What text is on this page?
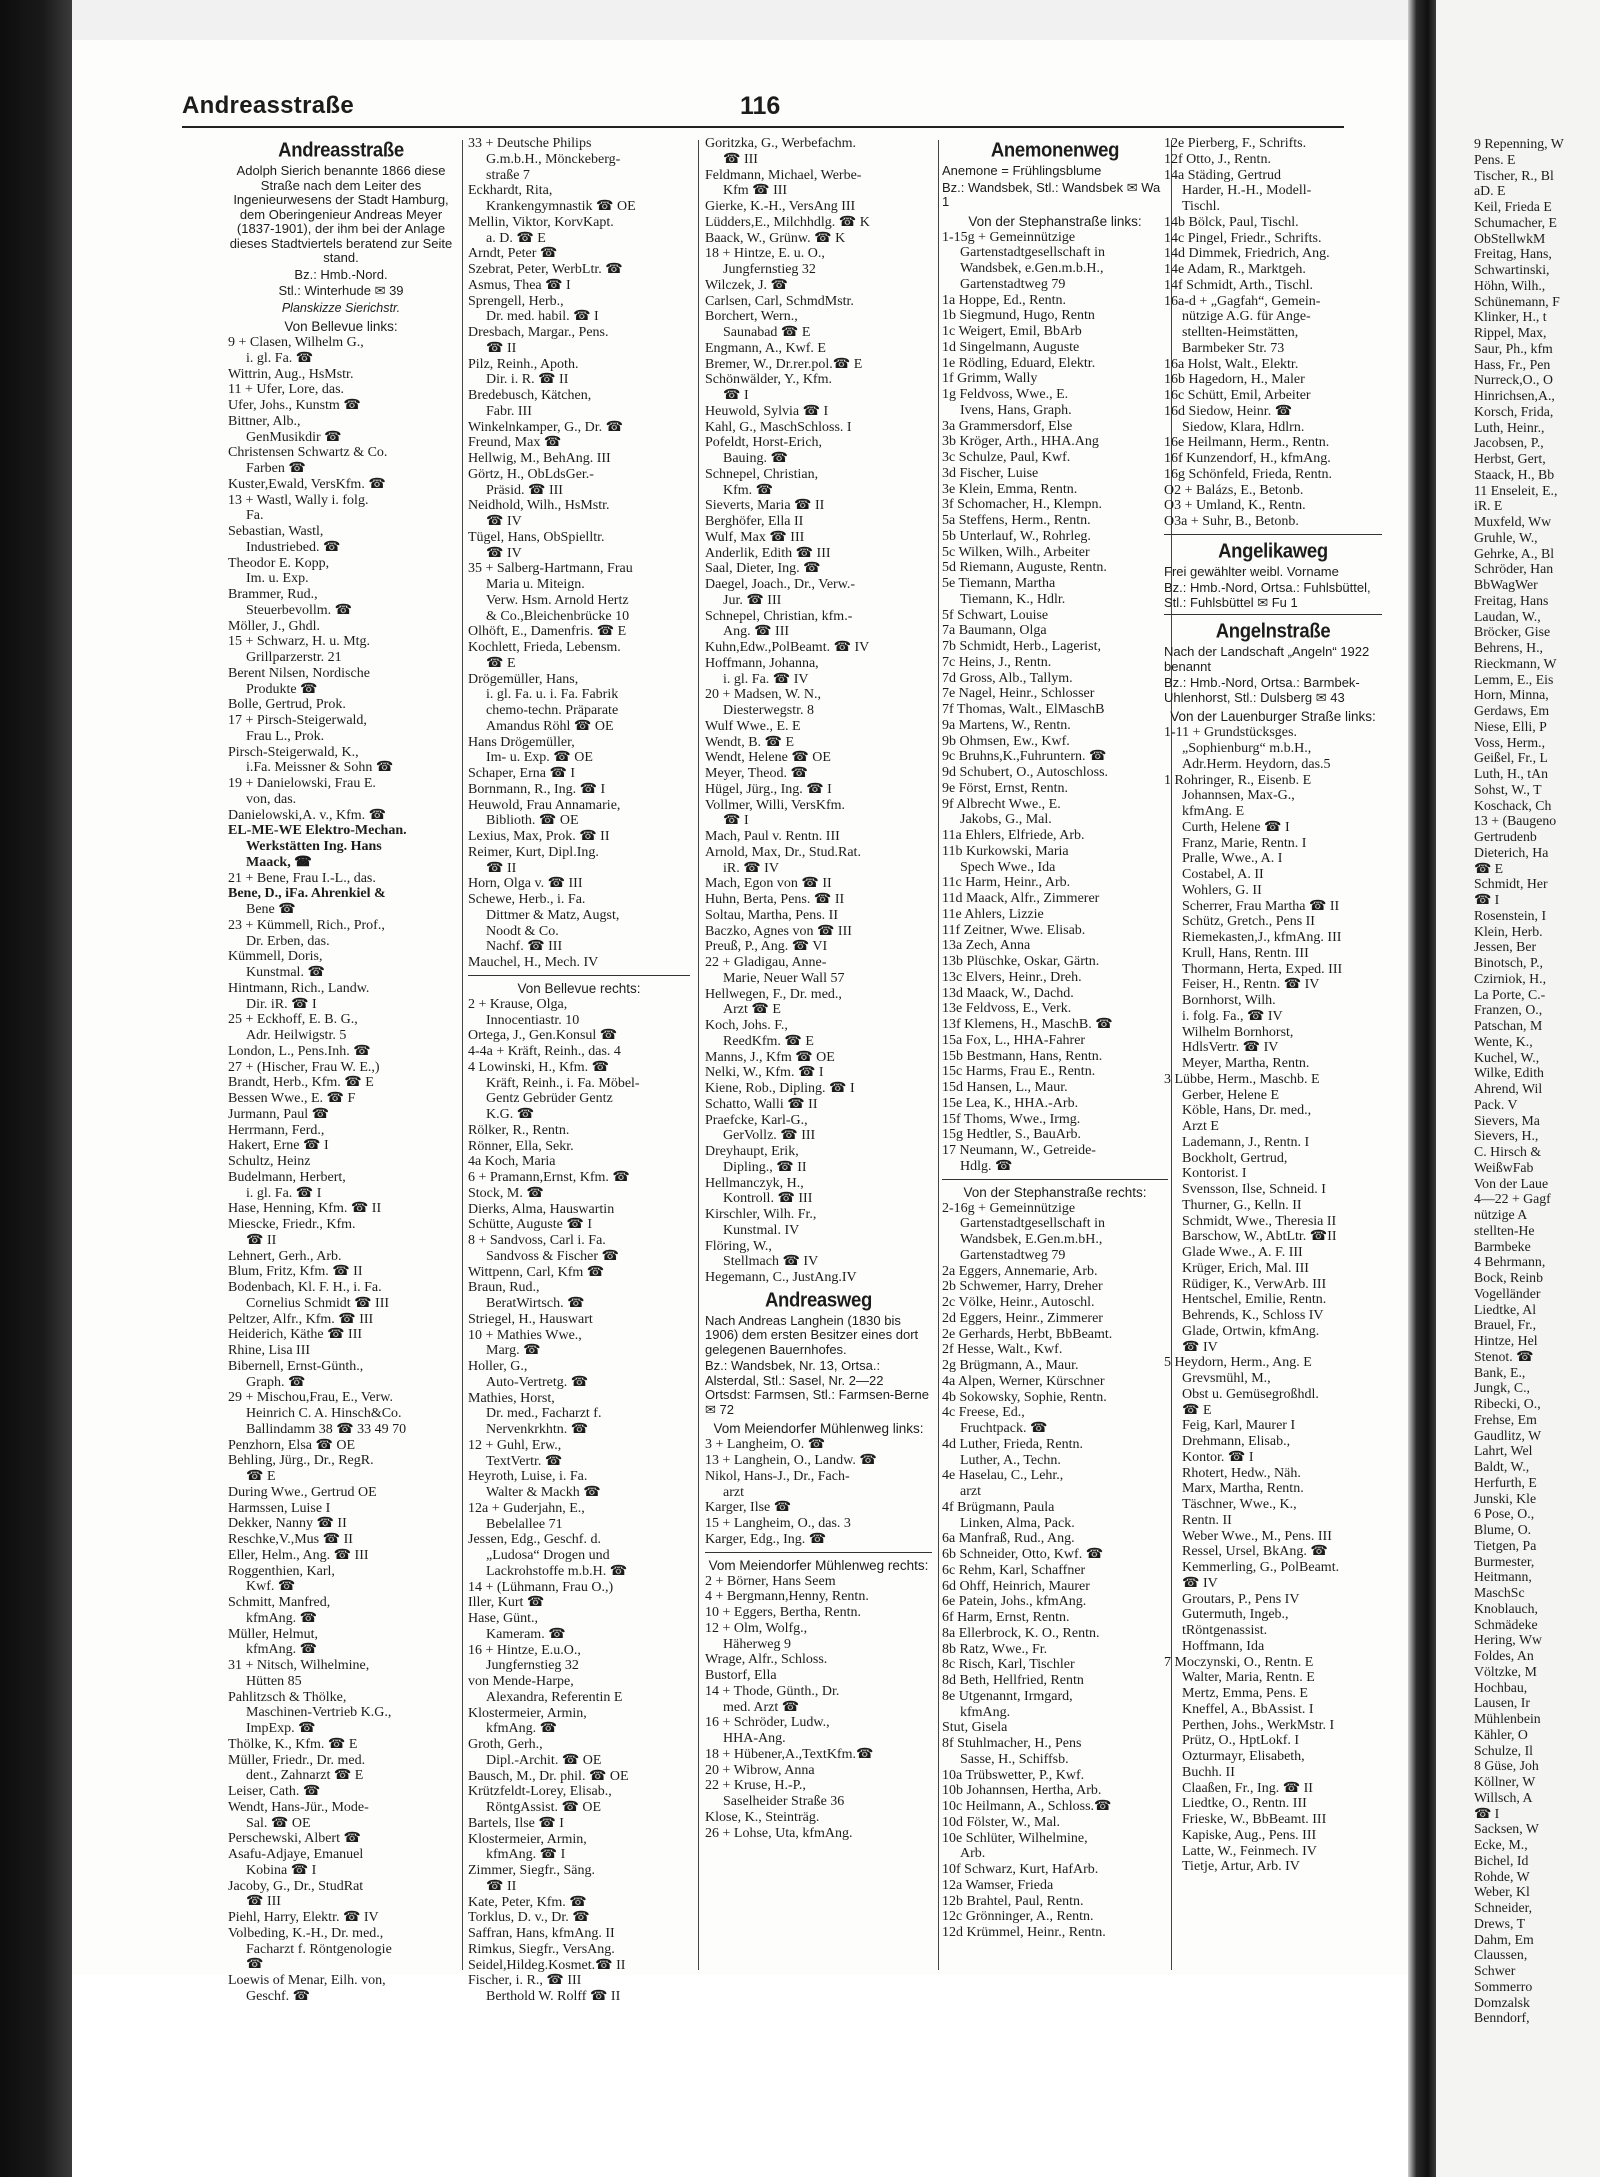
Andreasstraße	116
Andreasstraße
Adolph Sierich benannte 1866 diese Straße nach dem Leiter des Ingenieurwesens der Stadt Hamburg, dem Oberingenieur Andreas Meyer (1837-1901), der ihm bei der Anlage dieses Stadtviertels beratend zur Seite stand.
Bz.: Hmb.-Nord.
Stl.: Winterhude ✉ 39
Planskizze Sierichstr.
Von Bellevue links:
9 + Clasen, Wilhelm G.,
i. gl. Fa. ☎
Wittrin, Aug., HsMstr.
11 + Ufer, Lore, das.
Ufer, Johs., Kunstm ☎
Bittner, Alb.,
GenMusikdir ☎
Christensen Schwartz & Co.
Farben ☎
Kuster,Ewald, VersKfm. ☎
13 + Wastl, Wally i. folg.
Fa.
Sebastian, Wastl,
Industriebed. ☎
Theodor E. Kopp,
Im. u. Exp.
Brammer, Rud.,
Steuerbevollm. ☎
Möller, J., Ghdl.
15 + Schwarz, H. u. Mtg.
Grillparzerstr. 21
Berent Nilsen, Nordische
Produkte ☎
Bolle, Gertrud, Prok.
17 + Pirsch-Steigerwald,
Frau L., Prok.
Pirsch-Steigerwald, K.,
i.Fa. Meissner & Sohn ☎
19 + Danielowski, Frau E.
von, das.
Danielowski,A. v., Kfm. ☎
EL-ME-WE Elektro-Mechan.
Werkstätten Ing. Hans
Maack, ☎
21 + Bene, Frau I.-L., das.
Bene, D., iFa. Ahrenkiel &
Bene ☎
23 + Kümmell, Rich., Prof.,
Dr. Erben, das.
Kümmell, Doris,
Kunstmal. ☎
Hintmann, Rich., Landw.
Dir. iR. ☎ I
25 + Eckhoff, E. B. G.,
Adr. Heilwigstr. 5
London, L., Pens.Inh. ☎
27 + (Hischer, Frau W. E.,)
Brandt, Herb., Kfm. ☎ E
Bessen Wwe., E. ☎ F
Jurmann, Paul ☎
Herrmann, Ferd.,
Hakert, Erne ☎ I
Schultz, Heinz
Budelmann, Herbert,
i. gl. Fa. ☎ I
Hase, Henning, Kfm. ☎ II
Miescke, Friedr., Kfm.
☎ II
Lehnert, Gerh., Arb.
Blum, Fritz, Kfm. ☎ II
Bodenbach, Kl. F. H., i. Fa.
Cornelius Schmidt ☎ III
Peltzer, Alfr., Kfm. ☎ III
Heiderich, Käthe ☎ III
Rhine, Lisa III
Bibernell, Ernst-Günth.,
Graph. ☎
29 + Mischou,Frau, E., Verw.
Heinrich C. A. Hinsch&Co.
Ballindamm 38 ☎ 33 49 70
Penzhorn, Elsa ☎ OE
Behling, Jürg., Dr., RegR.
☎ E
During Wwe., Gertrud OE
Harmssen, Luise I
Dekker, Nanny ☎ II
Reschke,V.,Mus ☎ II
Eller, Helm., Ang. ☎ III
Roggenthien, Karl,
Kwf. ☎
Schmitt, Manfred,
kfmAng. ☎
Müller, Helmut,
kfmAng. ☎
31 + Nitsch, Wilhelmine,
Hütten 85
Pahlitzsch & Thölke,
Maschinen-Vertrieb K.G.,
ImpExp. ☎
Thölke, K., Kfm. ☎ E
Müller, Friedr., Dr. med.
dent., Zahnarzt ☎ E
Leiser, Cath. ☎
Wendt, Hans-Jür., Mode-
Sal. ☎ OE
Perschewski, Albert ☎
Asafu-Adjaye, Emanuel
Kobina ☎ I
Jacoby, G., Dr., StudRat
☎ III
Piehl, Harry, Elektr. ☎ IV
Volbeding, K.-H., Dr. med.,
Facharzt f. Röntgenologie
☎
Loewis of Menar, Eilh. von,
Geschf. ☎
33 + Deutsche Philips
G.m.b.H., Mönckeberg-
straße 7
Eckhardt, Rita,
Krankengymnastik ☎ OE
Mellin, Viktor, KorvKapt.
a. D. ☎ E
Arndt, Peter ☎
Szebrat, Peter, WerbLtr. ☎
Asmus, Thea ☎ I
Sprengell, Herb.,
Dr. med. habil. ☎ I
Dresbach, Margar., Pens.
☎ II
Pilz, Reinh., Apoth.
Dir. i. R. ☎ II
Bredebusch, Kätchen,
Fabr. III
Winkelnkamper, G., Dr. ☎
Freund, Max ☎
Hellwig, M., BehAng. III
Görtz, H., ObLdsGer.-
Präsid. ☎ III
Neidhold, Wilh., HsMstr.
☎ IV
Tügel, Hans, ObSpielltr.
☎ IV
35 + Salberg-Hartmann, Frau
Maria u. Miteign.
Verw. Hsm. Arnold Hertz
& Co.,Bleichenbrücke 10
Olhöft, E., Damenfris. ☎ E
Kochlett, Frieda, Lebensm.
☎ E
Drögemüller, Hans,
i. gl. Fa. u. i. Fa. Fabrik
chemo-techn. Präparate
Amandus Röhl ☎ OE
Hans Drögemüller,
Im- u. Exp. ☎ OE
Schaper, Erna ☎ I
Bornmann, R., Ing. ☎ I
Heuwold, Frau Annamarie,
Biblioth. ☎ OE
Lexius, Max, Prok. ☎ II
Reimer, Kurt, Dipl.Ing.
☎ II
Horn, Olga v. ☎ III
Schewe, Herb., i. Fa.
Dittmer & Matz, Augst,
Noodt & Co.
Nachf. ☎ III
Mauchel, H., Mech. IV
Von Bellevue rechts:
2 + Krause, Olga,
Innocentiastr. 10
Ortega, J., Gen.Konsul ☎
4-4a + Kräft, Reinh., das. 4
4 Lowinski, H., Kfm. ☎
Kräft, Reinh., i. Fa. Möbel-
Gentz Gebrüder Gentz
K.G. ☎
Rölker, R., Rentn.
Rönner, Ella, Sekr.
4a Koch, Maria
6 + Pramann,Ernst, Kfm. ☎
Stock, M. ☎
Dierks, Alma, Hauswartin
Schütte, Auguste ☎ I
8 + Sandvoss, Carl i. Fa.
Sandvoss & Fischer ☎
Wittpenn, Carl, Kfm ☎
Braun, Rud.,
BeratWirtsch. ☎
Striegel, H., Hauswart
10 + Mathies Wwe.,
Marg. ☎
Holler, G.,
Auto-Vertretg. ☎
Mathies, Horst,
Dr. med., Facharzt f.
Nervenkrkhtn. ☎
12 + Guhl, Erw.,
TextVertr. ☎
Heyroth, Luise, i. Fa.
Walter & Mackh ☎
12a + Guderjahn, E.,
Bebelallee 71
Jessen, Edg., Geschf. d.
„Ludosa“ Drogen und
Lackrohstoffe m.b.H. ☎
14 + (Lühmann, Frau O.,)
Iller, Kurt ☎
Hase, Günt.,
Kameram. ☎
16 + Hintze, E.u.O.,
Jungfernstieg 32
von Mende-Harpe,
Alexandra, Referentin E
Klostermeier, Armin,
kfmAng. ☎
Groth, Gerh.,
Dipl.-Archit. ☎ OE
Bausch, M., Dr. phil. ☎ OE
Krützfeldt-Lorey, Elisab.,
RöntgAssist. ☎ OE
Bartels, Ilse ☎ I
Klostermeier, Armin,
kfmAng. ☎ I
Zimmer, Siegfr., Säng.
☎ II
Kate, Peter, Kfm. ☎
Torklus, D. v., Dr. ☎
Saffran, Hans, kfmAng. II
Rimkus, Siegfr., VersAng.
Seidel,Hildeg.Kosmet.☎ II
Fischer, i. R., ☎ III
Berthold W. Rolff ☎ II
Goritzka, G., Werbefachm.
☎ III
Feldmann, Michael, Werbe-
Kfm ☎ III
Gierke, K.-H., VersAng III
Lüdders,E., Milchhdlg. ☎ K
Baack, W., Grünw. ☎ K
18 + Hintze, E. u. O.,
Jungfernstieg 32
Wilczek, J. ☎
Carlsen, Carl, SchmdMstr.
Borchert, Wern.,
Saunabad ☎ E
Engmann, A., Kwf. E
Bremer, W., Dr.rer.pol.☎ E
Schönwälder, Y., Kfm.
☎ I
Heuwold, Sylvia ☎ I
Kahl, G., MaschSchloss. I
Pofeldt, Horst-Erich,
Bauing. ☎
Schnepel, Christian,
Kfm. ☎
Sieverts, Maria ☎ II
Berghöfer, Ella II
Wulf, Max ☎ III
Anderlik, Edith ☎ III
Saal, Dieter, Ing. ☎
Daegel, Joach., Dr., Verw.-
Jur. ☎ III
Schnepel, Christian, kfm.-
Ang. ☎ III
Kuhn,Edw.,PolBeamt. ☎ IV
Hoffmann, Johanna,
i. gl. Fa. ☎ IV
20 + Madsen, W. N.,
Diesterwegstr. 8
Wulf Wwe., E. E
Wendt, B. ☎ E
Wendt, Helene ☎ OE
Meyer, Theod. ☎
Hügel, Jürg., Ing. ☎ I
Vollmer, Willi, VersKfm.
☎ I
Mach, Paul v. Rentn. III
Arnold, Max, Dr., Stud.Rat.
iR. ☎ IV
Mach, Egon von ☎ II
Huhn, Berta, Pens. ☎ II
Soltau, Martha, Pens. II
Baczko, Agnes von ☎ III
Preuß, P., Ang. ☎ VI
22 + Gladigau, Anne-
Marie, Neuer Wall 57
Hellwegen, F., Dr. med.,
Arzt ☎ E
Koch, Johs. F.,
ReedKfm. ☎ E
Manns, J., Kfm ☎ OE
Nelki, W., Kfm. ☎ I
Kiene, Rob., Dipling. ☎ I
Schatto, Walli ☎ II
Praefcke, Karl-G.,
GerVollz. ☎ III
Dreyhaupt, Erik,
Dipling., ☎ II
Hellmanczyk, H.,
Kontroll. ☎ III
Kirschler, Wilh. Fr.,
Kunstmal. IV
Flöring, W.,
Stellmach ☎ IV
Hegemann, C., JustAng.IV
Andreasweg
Nach Andreas Langhein (1830 bis 1906) dem ersten Besitzer eines dort gelegenen Bauernhofes.
Bz.: Wandsbek, Nr. 13, Ortsa.: Alsterdal, Stl.: Sasel, Nr. 2—22 Ortsdst: Farmsen, Stl.: Farmsen-Berne ✉ 72
Vom Meiendorfer Mühlenweg links:
3 + Langheim, O. ☎
13 + Langhein, O., Landw. ☎
Nikol, Hans-J., Dr., Fach-
arzt
Karger, Ilse ☎
15 + Langheim, O., das. 3
Karger, Edg., Ing. ☎
Vom Meiendorfer Mühlenweg rechts:
2 + Börner, Hans Seem
4 + Bergmann,Henny, Rentn.
10 + Eggers, Bertha, Rentn.
12 + Olm, Wolfg.,
Häherweg 9
Wrage, Alfr., Schloss.
Bustorf, Ella
14 + Thode, Günth., Dr.
med. Arzt ☎
16 + Schröder, Ludw.,
HHA-Ang.
18 + Hübener,A.,TextKfm.☎
20 + Wibrow, Anna
22 + Kruse, H.-P.,
Saselheider Straße 36
Klose, K., Steinträg.
26 + Lohse, Uta, kfmAng.
Anemonenweg
Anemone = Frühlingsblume
Bz.: Wandsbek, Stl.: Wandsbek ✉ Wa 1
Von der Stephanstraße links:
1-15g + Gemeinnützige
Gartenstadtgesellschaft in
Wandsbek, e.Gen.m.b.H.,
Gartenstadtweg 79
1a Hoppe, Ed., Rentn.
1b Siegmund, Hugo, Rentn
1c Weigert, Emil, BbArb
1d Singelmann, Auguste
1e Rödling, Eduard, Elektr.
1f Grimm, Wally
1g Feldvoss, Wwe., E.
Ivens, Hans, Graph.
3a Grammersdorf, Else
3b Kröger, Arth., HHA.Ang
3c Schulze, Paul, Kwf.
3d Fischer, Luise
3e Klein, Emma, Rentn.
3f Schomacher, H., Klempn.
5a Steffens, Herm., Rentn.
5b Unterlauf, W., Rohrleg.
5c Wilken, Wilh., Arbeiter
5d Riemann, Auguste, Rentn.
5e Tiemann, Martha
Tiemann, K., Hdlr.
5f Schwart, Louise
7a Baumann, Olga
7b Schmidt, Herb., Lagerist,
7c Heins, J., Rentn.
7d Gross, Alb., Tallym.
7e Nagel, Heinr., Schlosser
7f Thomas, Walt., ElMaschB
9a Martens, W., Rentn.
9b Ohmsen, Ew., Kwf.
9c Bruhns,K.,Fuhruntern. ☎
9d Schubert, O., Autoschloss.
9e Först, Ernst, Rentn.
9f Albrecht Wwe., E.
Jakobs, G., Mal.
11a Ehlers, Elfriede, Arb.
11b Kurkowski, Maria
Spech Wwe., Ida
11c Harm, Heinr., Arb.
11d Maack, Alfr., Zimmerer
11e Ahlers, Lizzie
11f Zeitner, Wwe. Elisab.
13a Zech, Anna
13b Plüschke, Oskar, Gärtn.
13c Elvers, Heinr., Dreh.
13d Maack, W., Dachd.
13e Feldvoss, E., Verk.
13f Klemens, H., MaschB. ☎
15a Fox, L., HHA-Fahrer
15b Bestmann, Hans, Rentn.
15c Harms, Frau E., Rentn.
15d Hansen, L., Maur.
15e Lea, K., HHA.-Arb.
15f Thoms, Wwe., Irmg.
15g Hedtler, S., BauArb.
17 Neumann, W., Getreide-
Hdlg. ☎
Von der Stephanstraße rechts:
2-16g + Gemeinnützige
Gartenstadtgesellschaft in
Wandsbek, E.Gen.m.bH.,
Gartenstadtweg 79
2a Eggers, Annemarie, Arb.
2b Schwemer, Harry, Dreher
2c Völke, Heinr., Autoschl.
2d Eggers, Heinr., Zimmerer
2e Gerhards, Herbt, BbBeamt.
2f Hesse, Walt., Kwf.
2g Brügmann, A., Maur.
4a Alpen, Werner, Kürschner
4b Sokowsky, Sophie, Rentn.
4c Freese, Ed.,
Fruchtpack. ☎
4d Luther, Frieda, Rentn.
Luther, A., Techn.
4e Haselau, C., Lehr.,
arzt
4f Brügmann, Paula
Linken, Alma, Pack.
6a Manfraß, Rud., Ang.
6b Schneider, Otto, Kwf. ☎
6c Rehm, Karl, Schaffner
6d Ohff, Heinrich, Maurer
6e Patein, Johs., kfmAng.
6f Harm, Ernst, Rentn.
8a Ellerbrock, K. O., Rentn.
8b Ratz, Wwe., Fr.
8c Risch, Karl, Tischler
8d Beth, Hellfried, Rentn
8e Utgenannt, Irmgard,
kfmAng.
Stut, Gisela
8f Stuhlmacher, H., Pens
Sasse, H., Schiffsb.
10a Trübswetter, P., Kwf.
10b Johannsen, Hertha, Arb.
10c Heilmann, A., Schloss.☎
10d Fölster, W., Mal.
10e Schlüter, Wilhelmine,
Arb.
10f Schwarz, Kurt, HafArb.
12a Wamser, Frieda
12b Brahtel, Paul, Rentn.
12c Grönninger, A., Rentn.
12d Krümmel, Heinr., Rentn.
12e Pierberg, F., Schrifts.
12f Otto, J., Rentn.
14a Städing, Gertrud
Harder, H.-H., Modell-
Tischl.
14b Bölck, Paul, Tischl.
14c Pingel, Friedr., Schrifts.
14d Dimmek, Friedrich, Ang.
14e Adam, R., Marktgeh.
14f Schmidt, Arth., Tischl.
16a-d + „Gagfah“, Gemein-
nützige A.G. für Ange-
stellten-Heimstätten,
Barmbeker Str. 73
16a Holst, Walt., Elektr.
16b Hagedorn, H., Maler
16c Schütt, Emil, Arbeiter
16d Siedow, Heinr. ☎
Siedow, Klara, Hdlrn.
16e Heilmann, Herm., Rentn.
16f Kunzendorf, H., kfmAng.
16g Schönfeld, Frieda, Rentn.
O2 + Balázs, E., Betonb.
O3 + Umland, K., Rentn.
O3a + Suhr, B., Betonb.
Angelikaweg
Frei gewählter weibl. Vorname
Bz.: Hmb.-Nord, Ortsa.: Fuhlsbüttel, Stl.: Fuhlsbüttel ✉ Fu 1
Angelnstraße
Nach der Landschaft „Angeln“ 1922 benannt
Bz.: Hmb.-Nord, Ortsa.: Barmbek-Uhlenhorst, Stl.: Dulsberg ✉ 43
Von der Lauenburger Straße links:
1-11 + Grundstücksges.
„Sophienburg“ m.b.H.,
Adr.Herm. Heydorn, das.5
1 Rohringer, R., Eisenb. E
Johannsen, Max-G.,
kfmAng. E
Curth, Helene ☎ I
Franz, Marie, Rentn. I
Pralle, Wwe., A. I
Costabel, A. II
Wohlers, G. II
Scherrer, Frau Martha ☎ II
Schütz, Gretch., Pens II
Riemekasten,J., kfmAng. III
Krull, Hans, Rentn. III
Thormann, Herta, Exped. III
Feiser, H., Rentn. ☎ IV
Bornhorst, Wilh.
i. folg. Fa., ☎ IV
Wilhelm Bornhorst,
HdlsVertr. ☎ IV
Meyer, Martha, Rentn.
3 Lübbe, Herm., Maschb. E
Gerber, Helene E
Köble, Hans, Dr. med.,
Arzt E
Lademann, J., Rentn. I
Bockholt, Gertrud,
Kontorist. I
Svensson, Ilse, Schneid. I
Thurner, G., Kelln. II
Schmidt, Wwe., Theresia II
Barschow, W., AbtLtr. ☎II
Glade Wwe., A. F. III
Krüger, Erich, Mal. III
Rüdiger, K., VerwArb. III
Hentschel, Emilie, Rentn.
Behrends, K., Schloss IV
Glade, Ortwin, kfmAng.
☎ IV
5 Heydorn, Herm., Ang. E
Grevsmühl, M.,
Obst u. Gemüsegroßhdl.
☎ E
Feig, Karl, Maurer I
Drehmann, Elisab.,
Kontor. ☎ I
Rhotert, Hedw., Näh.
Marx, Martha, Rentn.
Täschner, Wwe., K.,
Rentn. II
Weber Wwe., M., Pens. III
Ressel, Ursel, BkAng. ☎
Kemmerling, G., PolBeamt.
☎ IV
Groutars, P., Pens IV
Gutermuth, Ingeb.,
tRöntgenassist.
Hoffmann, Ida
7 Moczynski, O., Rentn. E
Walter, Maria, Rentn. E
Mertz, Emma, Pens. E
Kneffel, A., BbAssist. I
Perthen, Johs., WerkMstr. I
Prütz, O., HptLokf. I
Ozturmayr, Elisabeth,
Buchh. II
Claaßen, Fr., Ing. ☎ II
Liedtke, O., Rentn. III
Frieske, W., BbBeamt. III
Kapiske, Aug., Pens. III
Latte, W., Feinmech. IV
Tietje, Artur, Arb. IV
9 Repenning, W
Pens. E
Tischer, R., Bl
aD. E
Keil, Frieda E
Schumacher, E
ObStellwkM
Freitag, Hans,
Schwartinski,
Höhn, Wilh.,
Schünemann, F
Klinker, H., t
Rippel, Max,
Saur, Ph., kfm
Hass, Fr., Pen
Nurreck,O., O
Hinrichsen,A.,
Korsch, Frida,
Luth, Heinr.,
Jacobsen, P.,
Herbst, Gert,
Staack, H., Bb
11 Enseleit, E.,
iR. E
Muxfeld, Ww
Gruhle, W.,
Gehrke, A., Bl
Schröder, Han
BbWagWer
Freitag, Hans
Laudan, W.,
Bröcker, Gise
Behrens, H.,
Rieckmann, W
Lemm, E., Eis
Horn, Minna,
Gerdaws, Em
Niese, Elli, P
Voss, Herm.,
Geißel, Fr., L
Luth, H., tAn
Sohst, W., T
Koschack, Ch
13 + (Baugeno
Gertrudenb
Dieterich, Ha
☎ E
Schmidt, Her
☎ I
Rosenstein, I
Klein, Herb.
Jessen, Ber
Binotsch, P.,
Czirniok, H.,
La Porte, C.-
Franzen, O.,
Patschan, M
Wente, K.,
Kuchel, W.,
Wilke, Edith
Ahrend, Wil
Pack. V
Sievers, Ma
Sievers, H.,
C. Hirsch &
WeißwFab
Von der Laue
4—22 + Gagf
nützige A
stellten-He
Barmbeke
4 Behrmann,
Bock, Reinb
Vogelländer
Liedtke, Al
Brauel, Fr.,
Hintze, Hel
Stenot. ☎
Bank, E.,
Jungk, C.,
Ribecki, O.,
Frehse, Em
Gaudlitz, W
Lahrt, Wel
Baldt, W.,
Herfurth, E
Junski, Kle
6 Pose, O.,
Blume, O.
Tietgen, Pa
Burmester,
Heitmann,
MaschSc
Knoblauch,
Schmädeke
Hering, Ww
Foldes, An
Völtzke, M
Hochbau,
Lausen, Ir
Mühlenbein
Kähler, O
Schulze, Il
8 Güse, Joh
Köllner, W
Willsch, A
☎ I
Sacksen, W
Ecke, M.,
Bichel, Id
Rohde, W
Weber, Kl
Schneider,
Drews, T
Dahm, Em
Claussen,
Schwer
Sommerro
Domzalsk
Benndorf,
